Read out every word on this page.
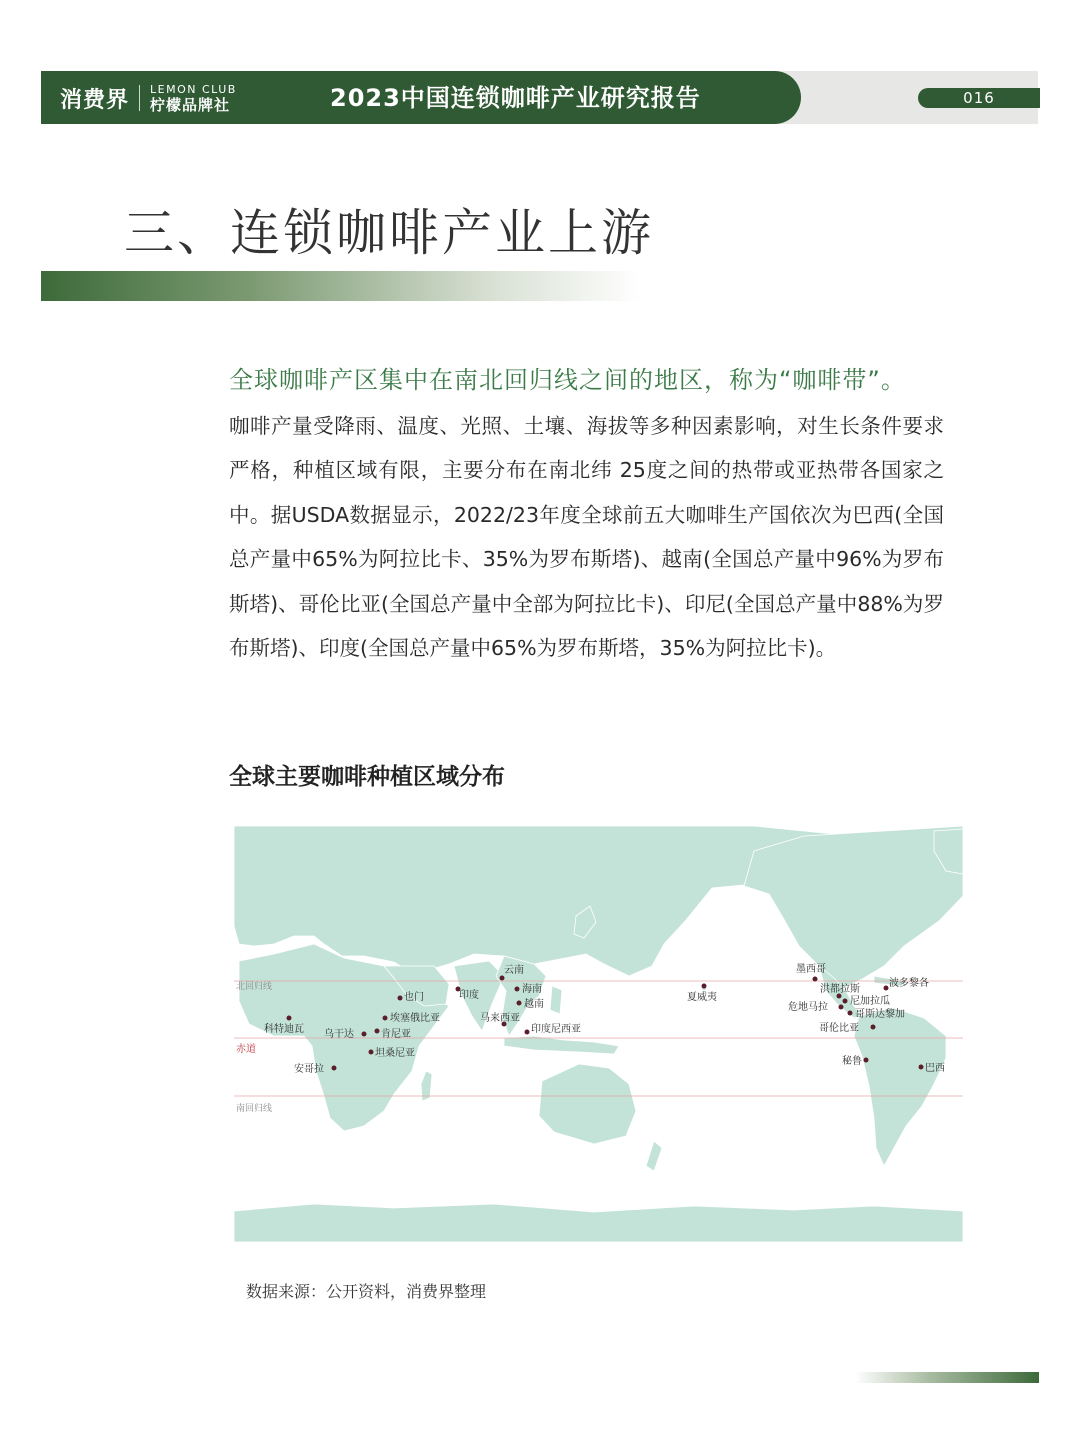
消费界 LEMON CLUB
柠檬品牌社	2023中国连锁咖啡产业研究报告	016
三、连锁咖啡产业上游
全球咖啡产区集中在南北回归线之间的地区，称为“咖啡带”。
咖啡产量受降雨、温度、光照、土壤、海拔等多种因素影响，对生长条件要求严格，种植区域有限，主要分布在南北纬 25度之间的热带或亚热带各国家之中。据USDA数据显示，2022/23年度全球前五大咖啡生产国依次为巴西(全国总产量中65%为阿拉比卡、35%为罗布斯塔)、越南(全国总产量中96%为罗布斯塔)、哥伦比亚(全国总产量中全部为阿拉比卡)、印尼(全国总产量中88%为罗布斯塔)、印度(全国总产量中65%为罗布斯塔，35%为阿拉比卡)。
全球主要咖啡种植区域分布
北回归线
赤道
南回归线
也门
埃塞俄比亚
科特迪瓦 乌干达	肯尼亚
坦桑尼亚
安哥拉
印度
云南
海南
越南
马来西亚
印度尼西亚
夏威夷
墨西哥
洪都拉斯
尼加拉瓜
危地马拉
波多黎各
哥斯达黎加
哥伦比亚
秘鲁
巴西
数据来源：公开资料，消费界整理
